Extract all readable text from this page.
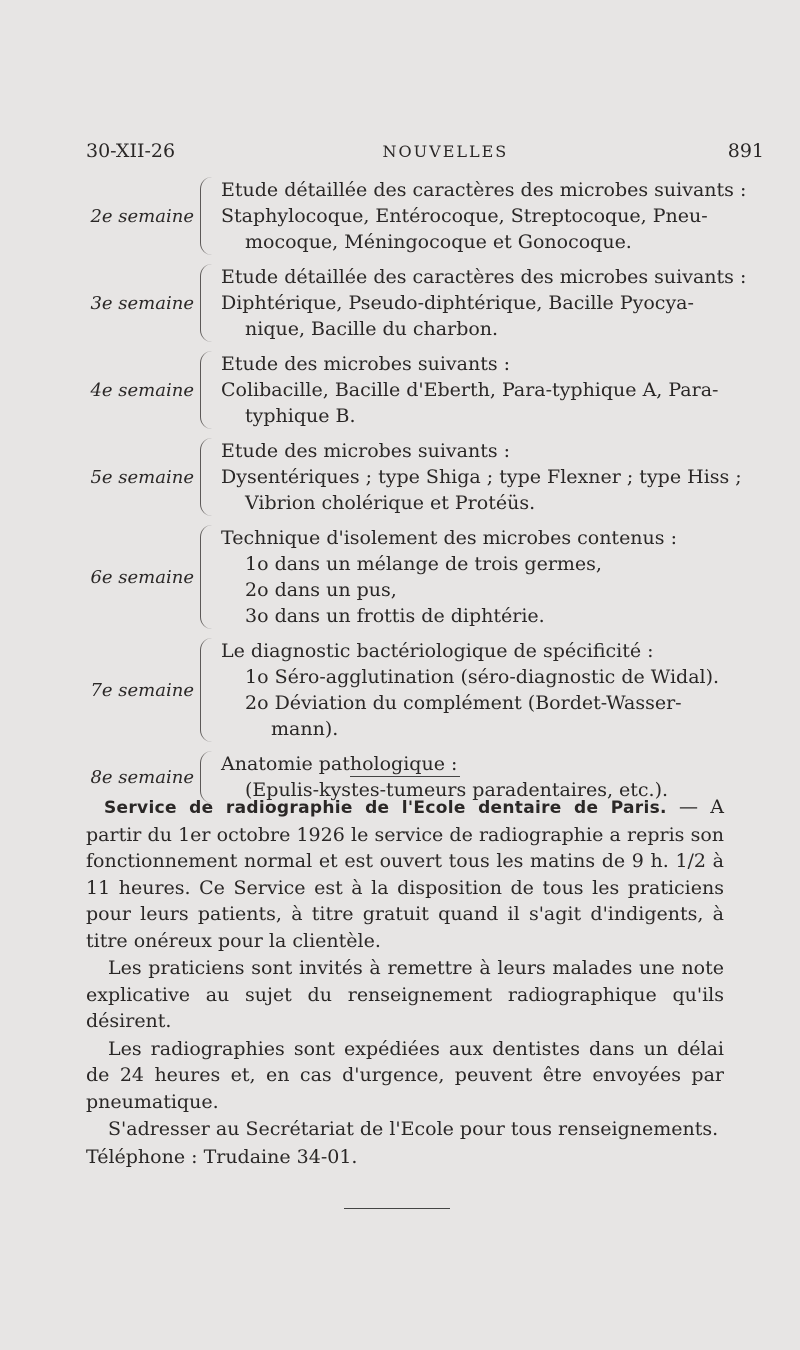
30-XII-26	NOUVELLES	891
2e semaine
Etude détaillée des caractères des microbes suivants :
Staphylocoque, Entérocoque, Streptocoque, Pneu-
mocoque, Méningocoque et Gonocoque.
3e semaine
Etude détaillée des caractères des microbes suivants :
Diphtérique, Pseudo-diphtérique, Bacille Pyocya-
nique, Bacille du charbon.
4e semaine
Etude des microbes suivants :
Colibacille, Bacille d'Eberth, Para-typhique A, Para-
typhique B.
5e semaine
Etude des microbes suivants :
Dysentériques ; type Shiga ; type Flexner ; type Hiss ;
Vibrion cholérique et Protéüs.
6e semaine
Technique d'isolement des microbes contenus :
1o dans un mélange de trois germes,
2o dans un pus,
3o dans un frottis de diphtérie.
7e semaine
Le diagnostic bactériologique de spécificité :
1o Séro-agglutination (séro-diagnostic de Widal).
2o Déviation du complément (Bordet-Wasser-
mann).
8e semaine
Anatomie pathologique :
(Epulis-kystes-tumeurs paradentaires, etc.).

Service de radiographie de l'Ecole dentaire de Paris. — A partir du 1er octobre 1926 le service de radiographie a repris son fonctionnement normal et est ouvert tous les matins de 9 h. 1/2 à 11 heures. Ce Service est à la disposition de tous les praticiens pour leurs patients, à titre gratuit quand il s'agit d'indigents, à titre onéreux pour la clientèle.

Les praticiens sont invités à remettre à leurs malades une note explicative au sujet du renseignement radiographique qu'ils désirent.

Les radiographies sont expédiées aux dentistes dans un délai de 24 heures et, en cas d'urgence, peuvent être envoyées par pneumatique.

S'adresser au Secrétariat de l'Ecole pour tous renseignements.

Téléphone : Trudaine 34-01.
